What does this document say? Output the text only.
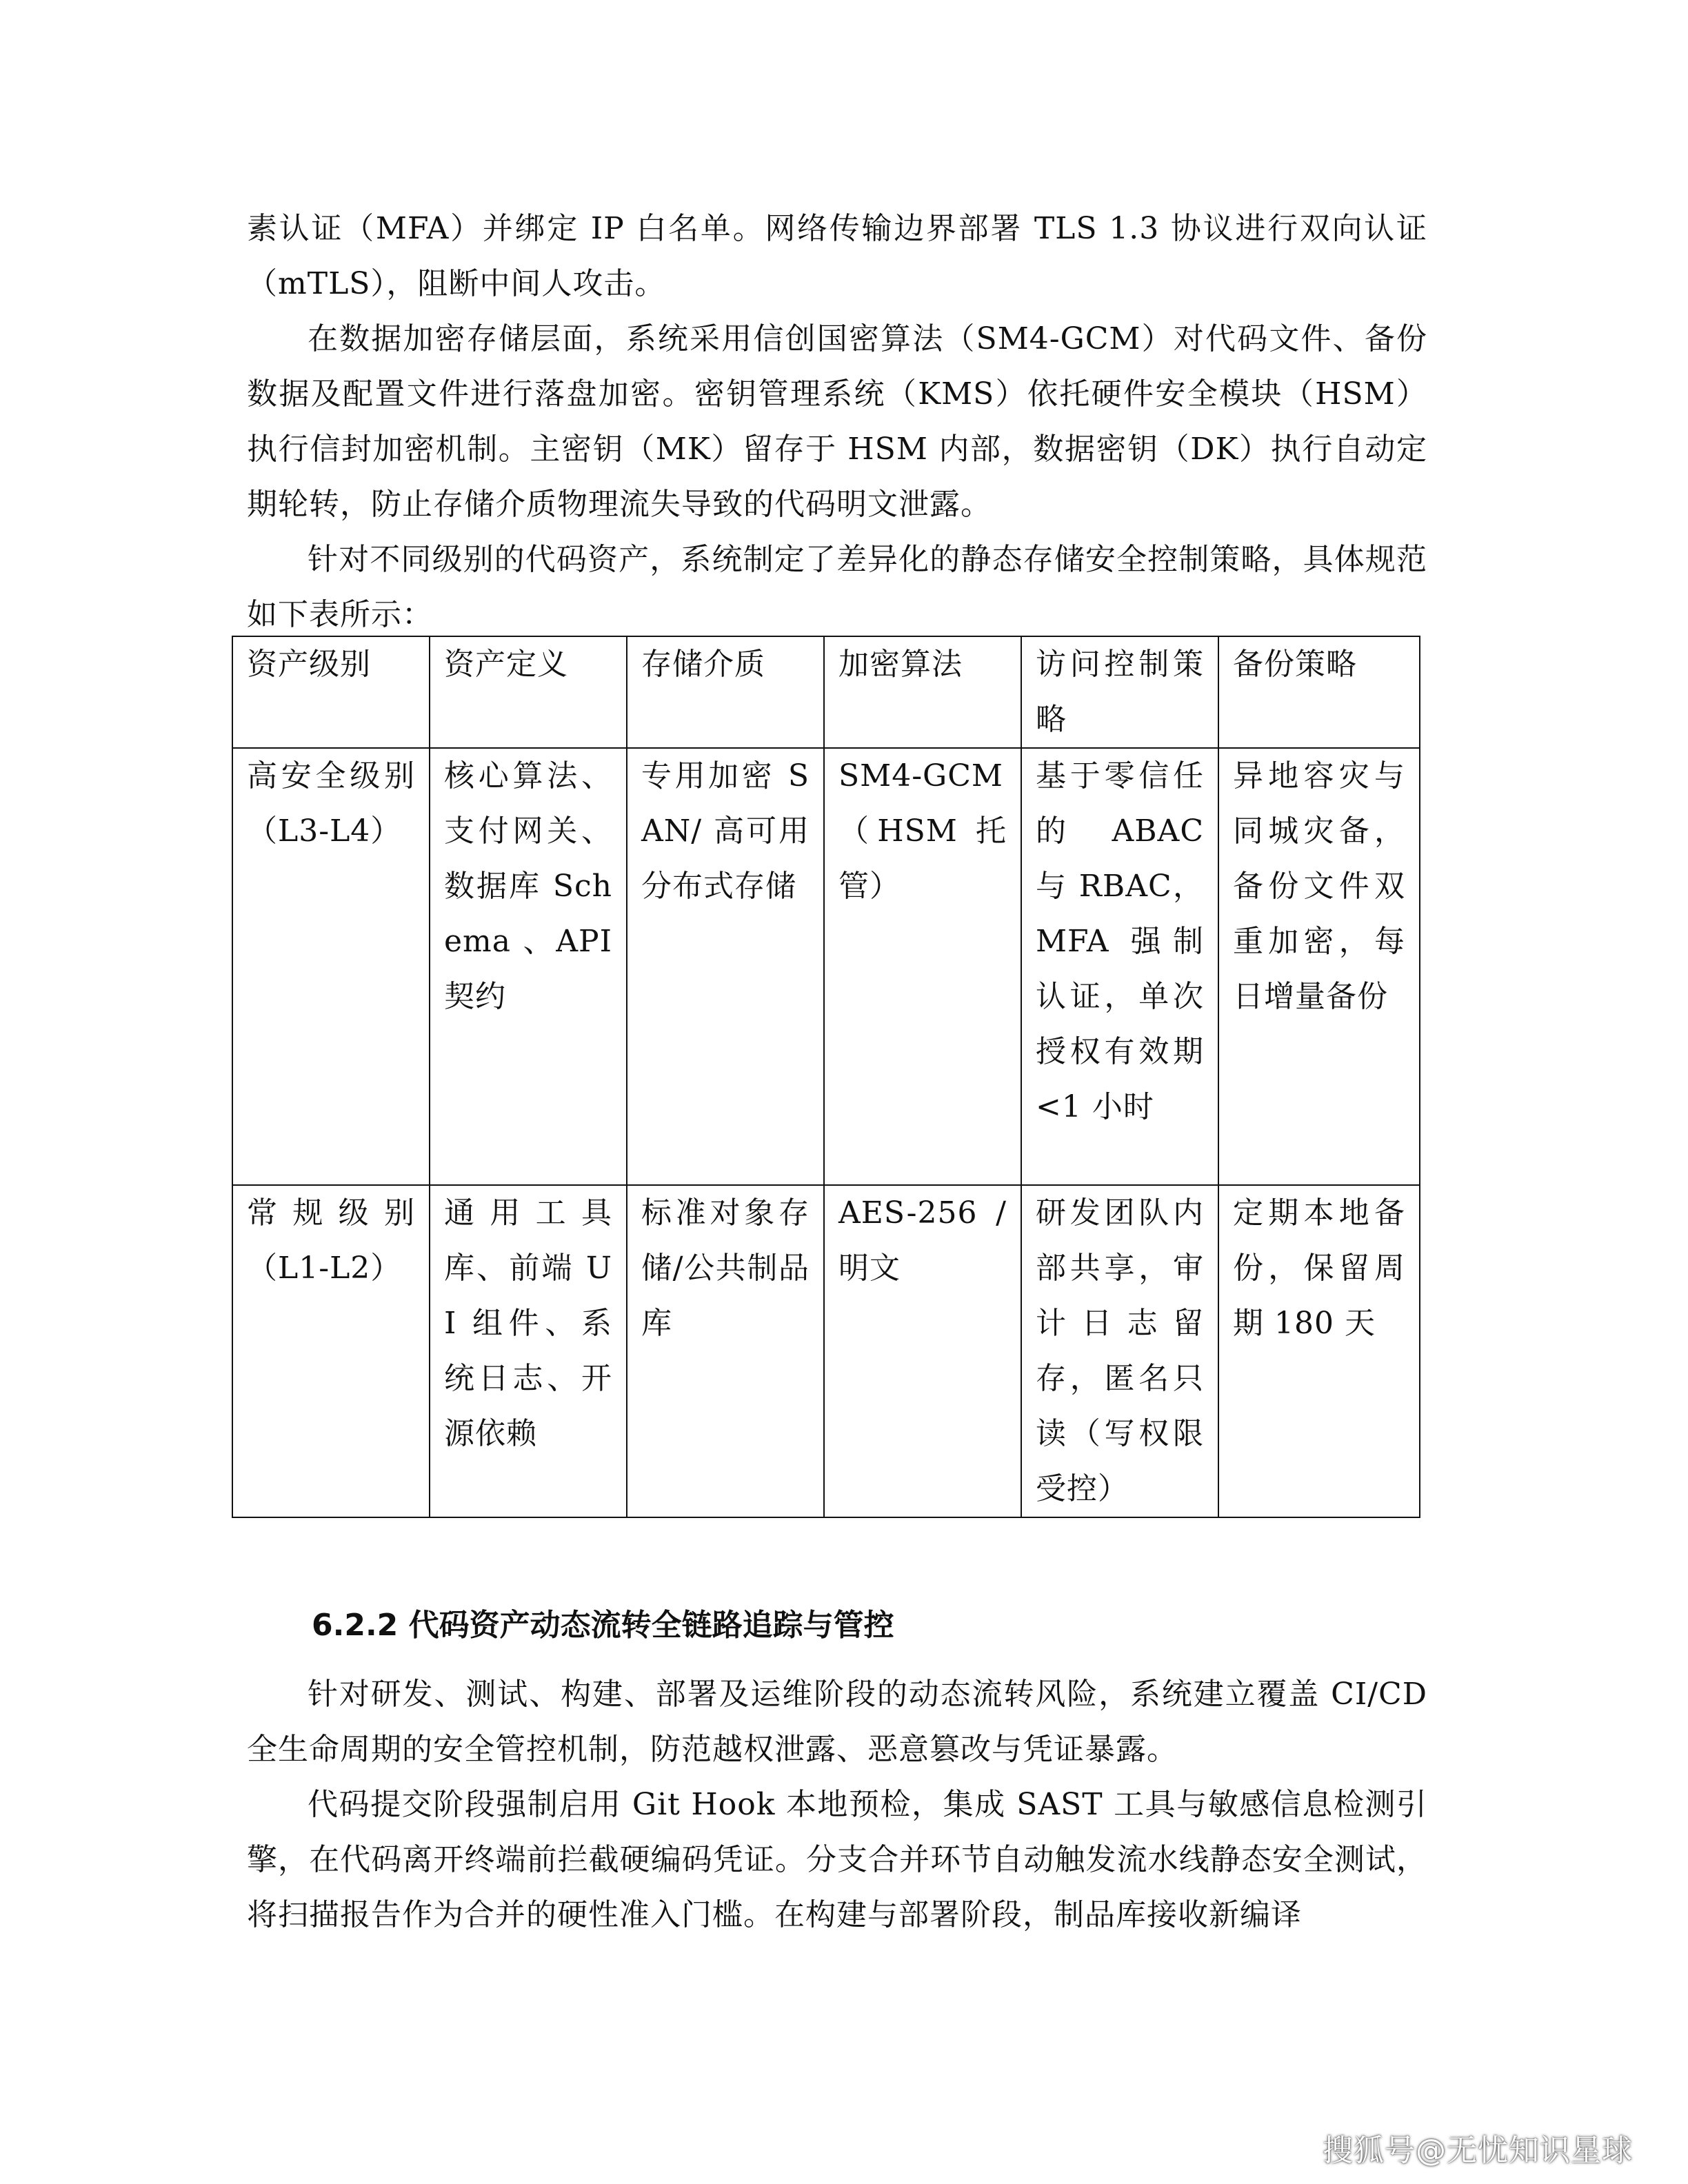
素认证（MFA）并绑定 IP 白名单。网络传输边界部署 TLS 1.3 协议进行双向认证（mTLS），阻断中间人攻击。

在数据加密存储层面，系统采用信创国密算法（SM4-GCM）对代码文件、备份数据及配置文件进行落盘加密。密钥管理系统（KMS）依托硬件安全模块（HSM）执行信封加密机制。主密钥（MK）留存于 HSM 内部，数据密钥（DK）执行自动定期轮转，防止存储介质物理流失导致的代码明文泄露。

针对不同级别的代码资产，系统制定了差异化的静态存储安全控制策略，具体规范如下表所示：

资产级别	资产定义	存储介质	加密算法	访问控制策略	备份策略
高安全级别（L3-L4）	核心算法、支付网关、数据库 Schema 、API 契约	专用加密 SAN/ 高可用分布式存储	SM4-GCM （HSM 托管）	基于零信任的 ABAC 与 RBAC， MFA 强制认证，单次授权有效期<1 小时	异地容灾与同城灾备，备份文件双重加密，每日增量备份
常规级别（L1-L2）	通用工具库、前端 UI 组件、系统日志、开源依赖	标准对象存储/公共制品库	AES-256 / 明文	研发团队内部共享，审计日志留存，匿名只读（写权限受控）	定期本地备份，保留周期 180 天
6.2.2 代码资产动态流转全链路追踪与管控

针对研发、测试、构建、部署及运维阶段的动态流转风险，系统建立覆盖 CI/CD 全生命周期的安全管控机制，防范越权泄露、恶意篡改与凭证暴露。

代码提交阶段强制启用 Git Hook 本地预检，集成 SAST 工具与敏感信息检测引擎，在代码离开终端前拦截硬编码凭证。分支合并环节自动触发流水线静态安全测试，将扫描报告作为合并的硬性准入门槛。在构建与部署阶段，制品库接收新编译

搜狐号@无忧知识星球
